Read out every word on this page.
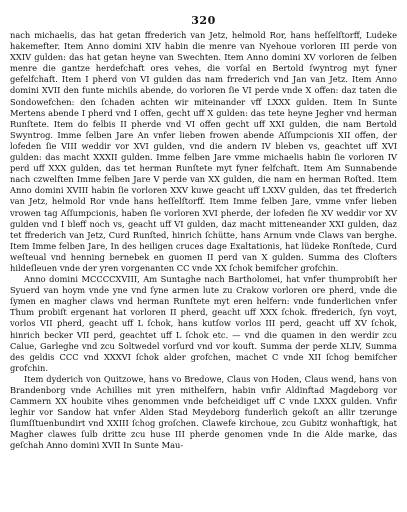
320

nach michaelis, das hat getan ffrederich van Jetz, helmold Ror, hans heſſelſtorff, Ludeke hakemefter. Item Anno domini XIV habin die menre van Nyehoue vorloren III perde von XXIV gulden: das hat getan heyne van Swechten. Item Anno domini XV vorloren de ſelben menre die gantze herdefchaft ores vehes, die vorſal en Bertold ſwyntrog myt fyner gefelfchaft. Item I pherd von VI gulden das nam frrederich vnd Jan van Jetz. Item Anno domini XVII den funte michils abende, do vorloren ſie VI perde vnde X offen: daz taten die Sondowefchen: den ſchaden achten wir miteinander vff LXXX gulden. Item In Sunte Mertens abende I pherd vnd I offen, gecht uff X gulden: das tete heyne Jegher vnd herman Runſtete. Item do felbis II pherde vnd VI offen gecht uff XXI gulden, die nam Bertold Swyntrog. Imme ſelben Jare An vnfer lieben frowen abende Aſſumpcionis XII offen, der lofeden ſie VIII weddir vor XVI gulden, vnd die andern IV bleben vs, geachtet uff XVI gulden: das macht XXXII gulden. Imme felben Jare vmme michaelis habin ſie vorloren IV perd uff XXX gulden, das tet herman Runſtete myt fyner felfchaft. Item Am Sunnabende nach czwelften Imme felben Jare V perde van XX gulden, die nam en herman Roſted. Item Anno domini XVIII habin ſie vorloren XXV kuwe geacht uff LXXV gulden, das tet ffrederich van Jetz, helmold Ror vnde hans heſſelſtorff. Item Imme felben Jare, vmme vnfer lieben vrowen tag Aſſumpcionis, haben ſie vorloren XVI pherde, der lofeden ſie XV weddir vor XV gulden vnd I bleff noch vs, geacht uff VI gulden, daz macht mitteneander XXI gulden, daz tet ffrederich van Jetz, Curd Runſted, hinrich ſchütte, hans Arnum vnde Claws van berghe. Item Imme felben Jare, In des heiligen cruces dage Exaltationis, hat lüdeke Ronſtede, Curd weſteual vnd henning bernebek en guomen II perd van X gulden. Summa des Cloſters hildeſleuen vnde der yren vorgenanten CC vnde XX ſchok bemifcher grofchin.

Anno domini MCCCCXVIII, Am Suntaghe nach Bartholomei, hat vnfer thumprobiſt her Syuerd van hoym vnde yne vnd ſyne armen lute zu Crakow vorloren ore pherd, vnde die ſymen en magher claws vnd herman Runſtete myt eren helfern: vnde funderlichen vnfer Thum probiſt ergenant hat vorloren II pherd, geacht uff XXX ſchok. ffrederich, ſyn voyt, vorlos VII pherd, geacht uff L ſchok, hans kutſow vorlos III perd, geacht uff XV ſchok, hinrich becker VII perd, geachtet uff L ſchok etc. — vnd die quamen in den werdir zcu Calue, Garleghe vnd zcu Soltwedel vorſurd vnd vor kouft. Summa der perde XLIV, Summa des geldis CCC vnd XXXVI ſchok alder grofchen, machet C vnde XII ſchog bemifcher grofchin.

Item dyderich von Quitzowe, hans vo Bredowe, Claus von Hoden, Claus wend, hans von Brandenborg vnde Achillies mit yren mithelfern, habin vnfir Aldinftad Magdeborg vor Cammern XX houbite vihes genommen vnde befcheidiget uff C vnde LXXX gulden. Vnfir leghir vor Sandow hat vnfer Alden Stad Meydeborg funderlich gekoſt an allir tzerunge ſlumſſtuenbundirt vnd XXIII ſchog groſchen. Clawefe kirchoue, zcu Gubitz wonhaftigk, hat Magher clawes ſulb dritte zcu huse III pherde genomen vnde In die Alde marke, das geſchah Anno domini XVII In Sunte Mau-
